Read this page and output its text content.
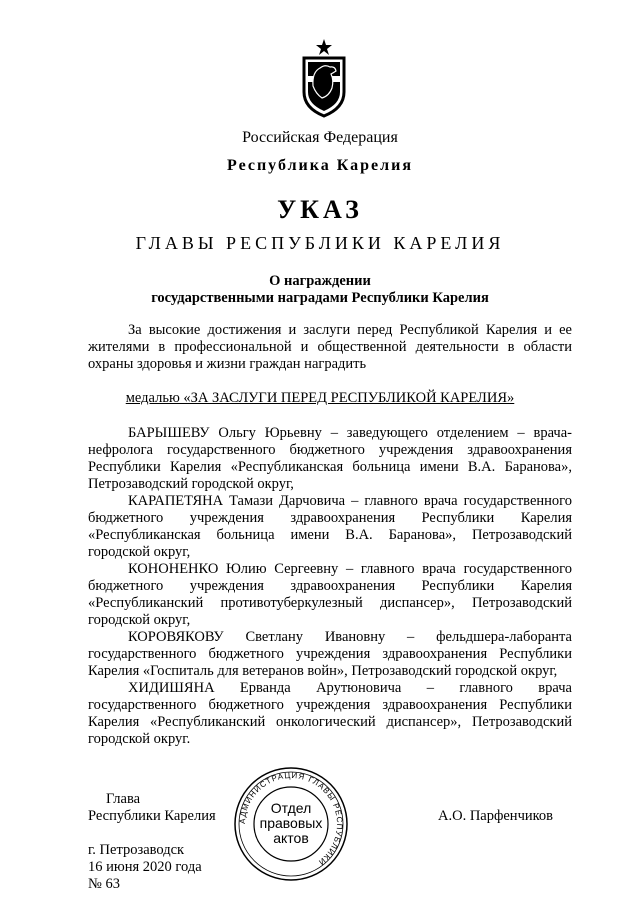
Российская Федерация
Республика Карелия
УКАЗ
ГЛАВЫ РЕСПУБЛИКИ КАРЕЛИЯ
О награждении
государственными наградами Республики Карелия

За высокие достижения и заслуги перед Республикой Карелия и ее жителями в профессиональной и общественной деятельности в области охраны здоровья и жизни граждан наградить

медалью «ЗА ЗАСЛУГИ ПЕРЕД РЕСПУБЛИКОЙ КАРЕЛИЯ»

БАРЫШЕВУ Ольгу Юрьевну – заведующего отделением – врача-нефролога государственного бюджетного учреждения здравоохранения Республики Карелия «Республиканская больница имени В.А. Баранова», Петрозаводский городской округ,

КАРАПЕТЯНА Тамази Дарчовича – главного врача государственного бюджетного учреждения здравоохранения Республики Карелия «Республиканская больница имени В.А. Баранова», Петрозаводский городской округ,

КОНОНЕНКО Юлию Сергеевну – главного врача государственного бюджетного учреждения здравоохранения Республики Карелия «Республиканский противотуберкулезный диспансер», Петрозаводский городской округ,

КОРОВЯКОВУ Светлану Ивановну – фельдшера-лаборанта государственного бюджетного учреждения здравоохранения Республики Карелия «Госпиталь для ветеранов войн», Петрозаводский городской округ,

ХИДИШЯНА Ерванда Арутюновича – главного врача государственного бюджетного учреждения здравоохранения Республики Карелия «Республиканский онкологический диспансер», Петрозаводский городской округ.

Глава
Республики Карелия	А.О. Парфенчиков
г. Петрозаводск
16 июня 2020 года
№ 63
АДМИНИСТРАЦИЯ ГЛАВЫ РЕСПУБЛИКИ
Отдел
правовых
актов
